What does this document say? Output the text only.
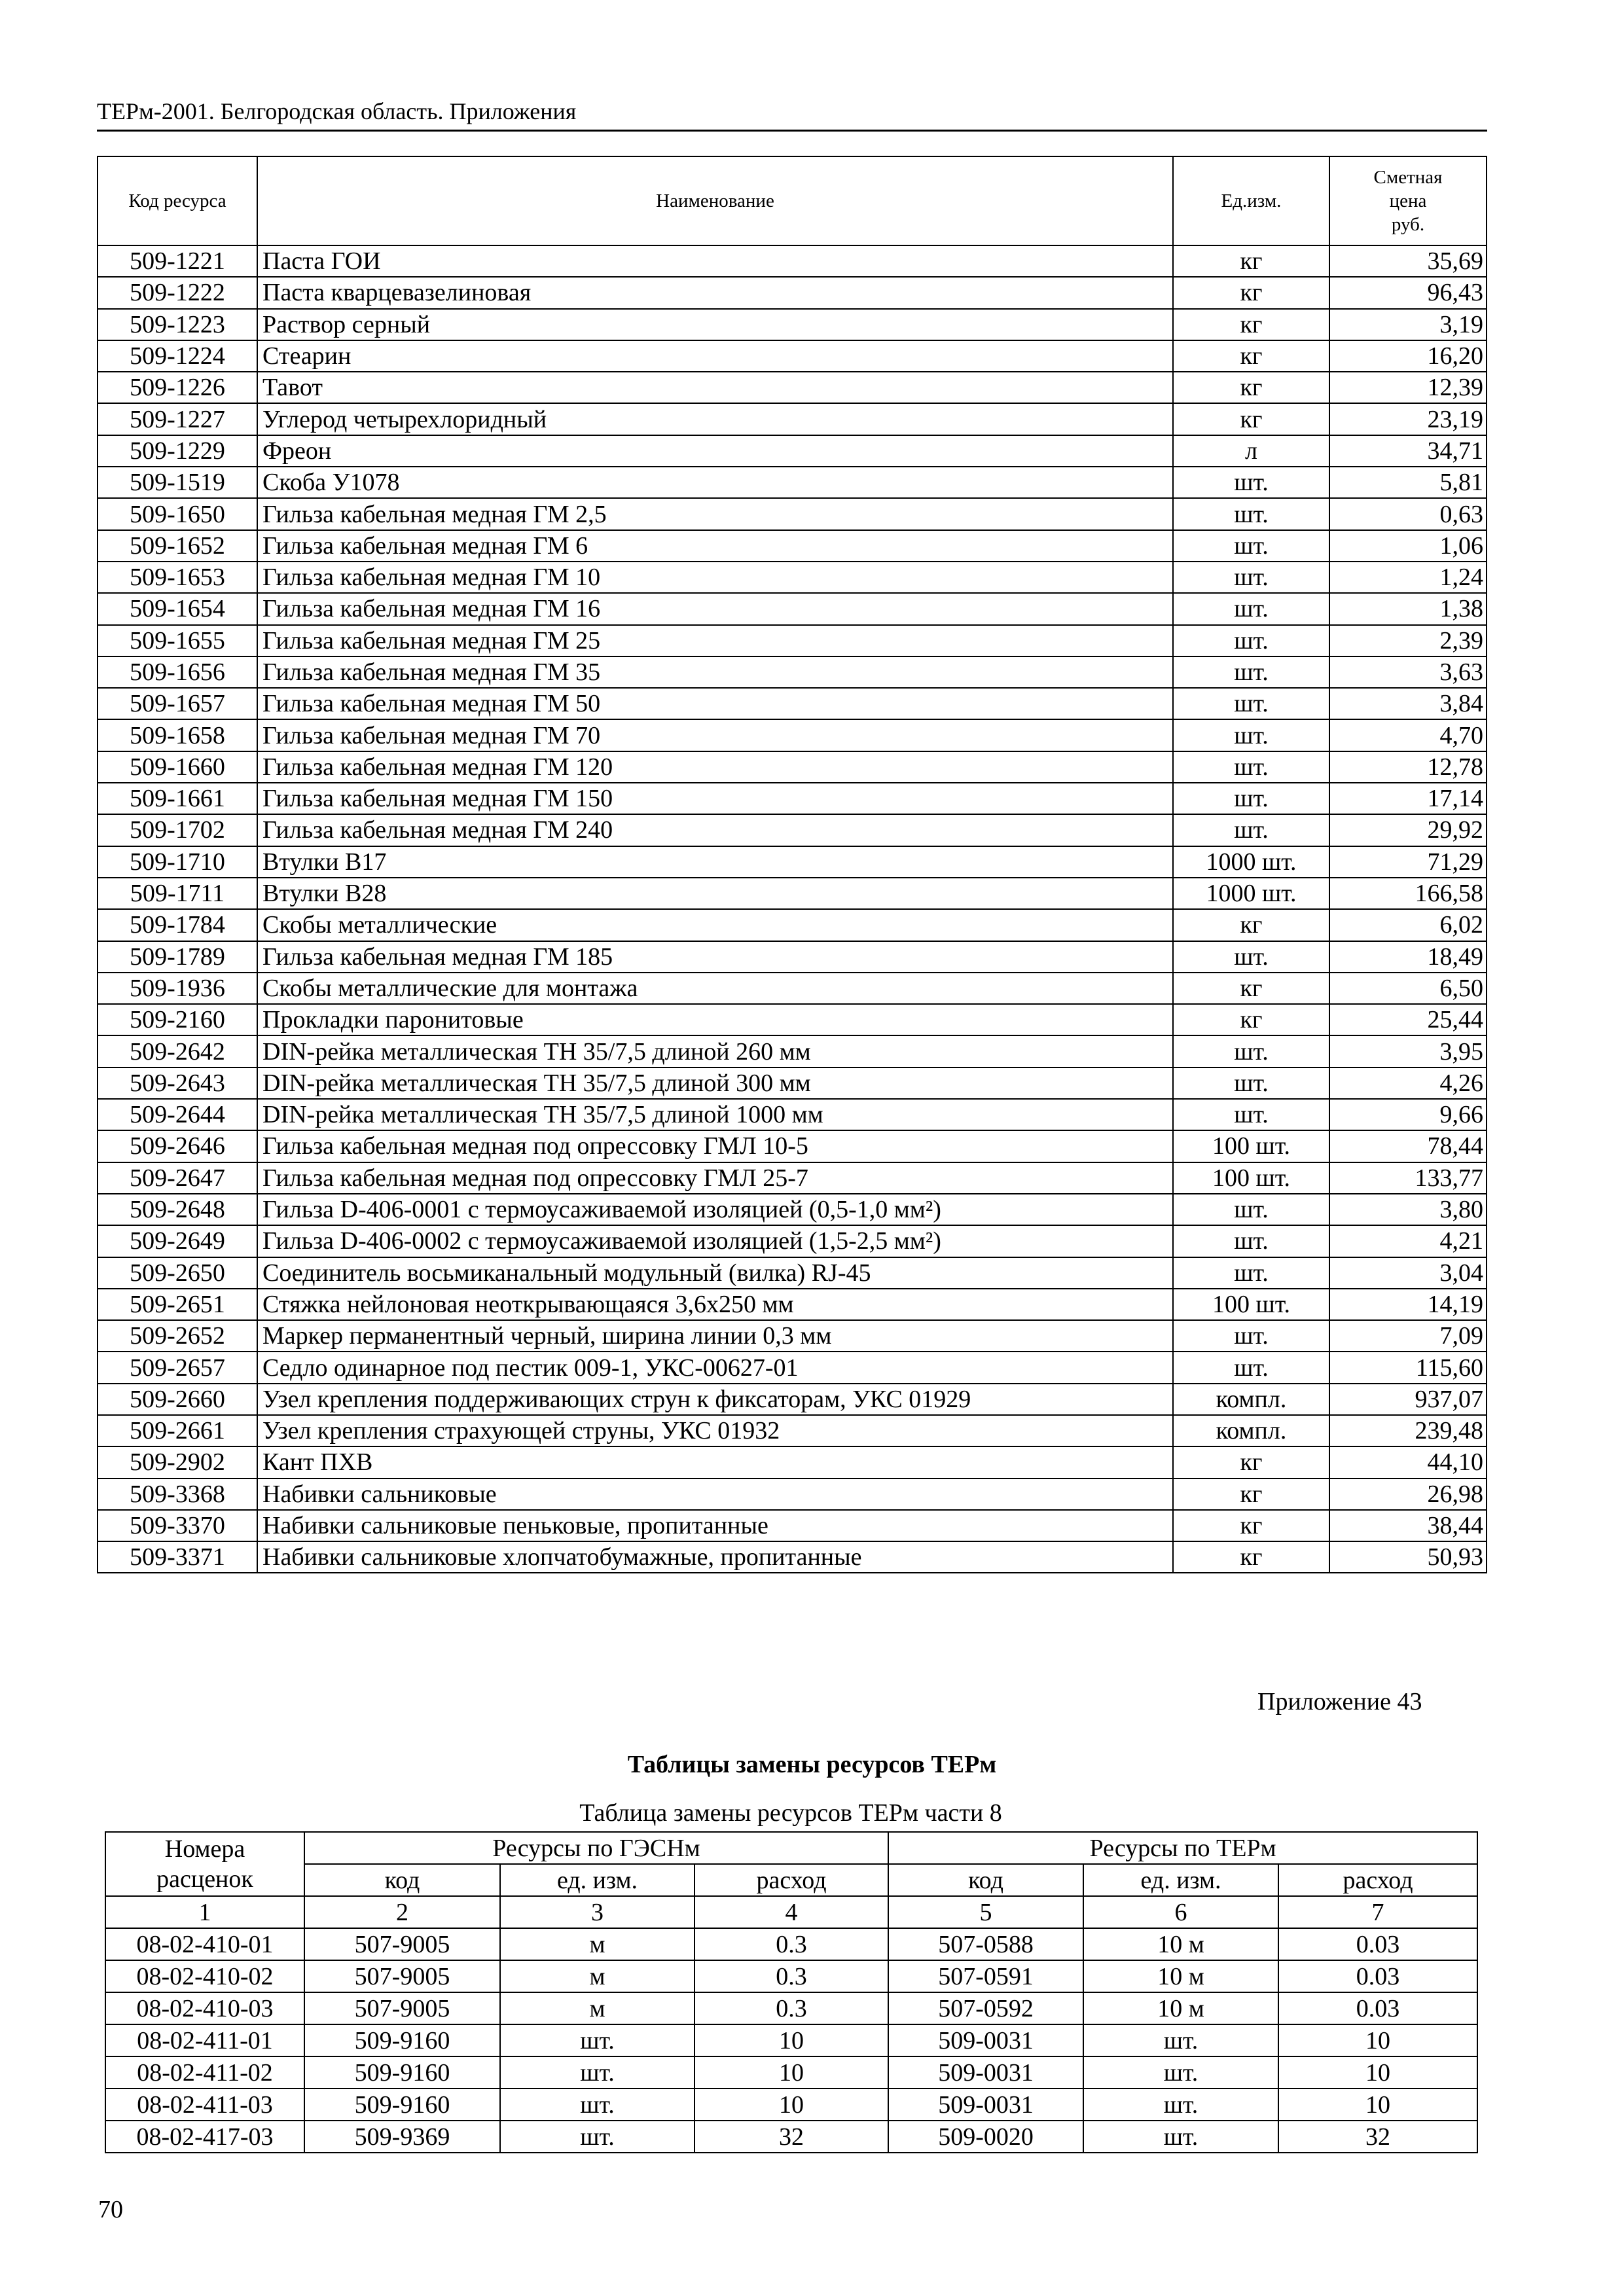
ТЕРм-2001. Белгородская область. Приложения
Код ресурса	Наименование	Ед.изм.	Сметная
цена
руб.
509-1221	Паста ГОИ	кг	35,69
509-1222	Паста кварцевазелиновая	кг	96,43
509-1223	Раствор серный	кг	3,19
509-1224	Стеарин	кг	16,20
509-1226	Тавот	кг	12,39
509-1227	Углерод четырехлоридный	кг	23,19
509-1229	Фреон	л	34,71
509-1519	Скоба У1078	шт.	5,81
509-1650	Гильза кабельная медная ГМ 2,5	шт.	0,63
509-1652	Гильза кабельная медная ГМ 6	шт.	1,06
509-1653	Гильза кабельная медная ГМ 10	шт.	1,24
509-1654	Гильза кабельная медная ГМ 16	шт.	1,38
509-1655	Гильза кабельная медная ГМ 25	шт.	2,39
509-1656	Гильза кабельная медная ГМ 35	шт.	3,63
509-1657	Гильза кабельная медная ГМ 50	шт.	3,84
509-1658	Гильза кабельная медная ГМ 70	шт.	4,70
509-1660	Гильза кабельная медная ГМ 120	шт.	12,78
509-1661	Гильза кабельная медная ГМ 150	шт.	17,14
509-1702	Гильза кабельная медная ГМ 240	шт.	29,92
509-1710	Втулки В17	1000 шт.	71,29
509-1711	Втулки В28	1000 шт.	166,58
509-1784	Скобы металлические	кг	6,02
509-1789	Гильза кабельная медная ГМ 185	шт.	18,49
509-1936	Скобы металлические для монтажа	кг	6,50
509-2160	Прокладки паронитовые	кг	25,44
509-2642	DIN-рейка металлическая ТН 35/7,5 длиной 260 мм	шт.	3,95
509-2643	DIN-рейка металлическая ТН 35/7,5 длиной 300 мм	шт.	4,26
509-2644	DIN-рейка металлическая ТН 35/7,5 длиной 1000 мм	шт.	9,66
509-2646	Гильза кабельная медная под опрессовку ГМЛ 10-5	100 шт.	78,44
509-2647	Гильза кабельная медная под опрессовку ГМЛ 25-7	100 шт.	133,77
509-2648	Гильза D-406-0001 с термоусаживаемой изоляцией (0,5-1,0 мм²)	шт.	3,80
509-2649	Гильза D-406-0002 с термоусаживаемой изоляцией (1,5-2,5 мм²)	шт.	4,21
509-2650	Соединитель восьмиканальный модульный (вилка) RJ-45	шт.	3,04
509-2651	Стяжка нейлоновая неоткрывающаяся 3,6x250 мм	100 шт.	14,19
509-2652	Маркер перманентный черный, ширина линии 0,3 мм	шт.	7,09
509-2657	Седло одинарное под пестик 009-1, УКС-00627-01	шт.	115,60
509-2660	Узел крепления поддерживающих струн к фиксаторам, УКС 01929	компл.	937,07
509-2661	Узел крепления страхующей струны, УКС 01932	компл.	239,48
509-2902	Кант ПХВ	кг	44,10
509-3368	Набивки сальниковые	кг	26,98
509-3370	Набивки сальниковые пеньковые, пропитанные	кг	38,44
509-3371	Набивки сальниковые хлопчатобумажные, пропитанные	кг	50,93
Приложение 43
Таблицы замены ресурсов ТЕРм
Таблица замены ресурсов ТЕРм части 8
Номера
расценок	Ресурсы по ГЭСНм			Ресурсы по ТЕРм		
	код	ед. изм.	расход	код	ед. изм.	расход
1	2	3	4	5	6	7
08-02-410-01	507-9005	м	0.3	507-0588	10 м	0.03
08-02-410-02	507-9005	м	0.3	507-0591	10 м	0.03
08-02-410-03	507-9005	м	0.3	507-0592	10 м	0.03
08-02-411-01	509-9160	шт.	10	509-0031	шт.	10
08-02-411-02	509-9160	шт.	10	509-0031	шт.	10
08-02-411-03	509-9160	шт.	10	509-0031	шт.	10
08-02-417-03	509-9369	шт.	32	509-0020	шт.	32
70
